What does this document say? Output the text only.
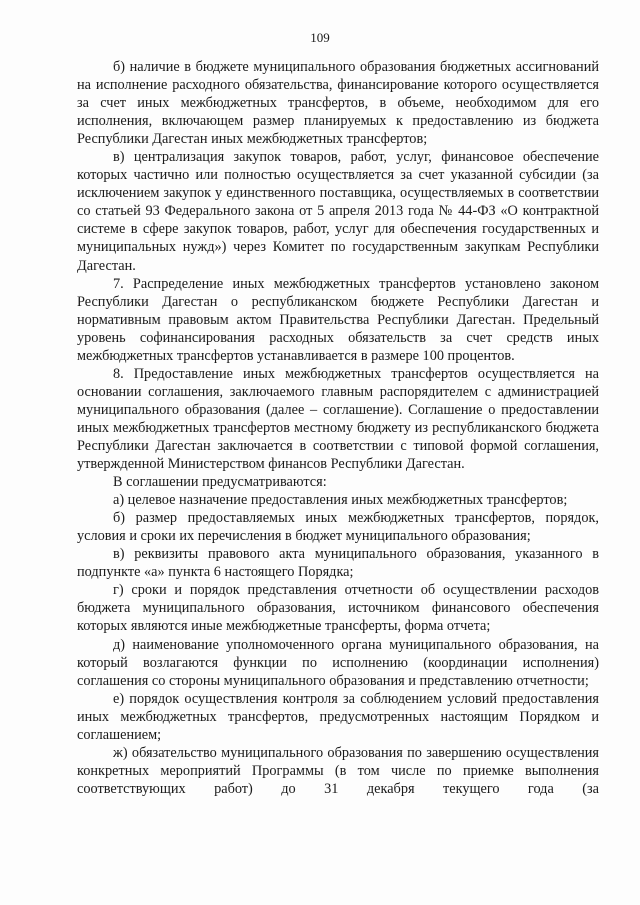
109

б) наличие в бюджете муниципального образования бюджетных ассигнований на исполнение расходного обязательства, финансирование которого осуществляется за счет иных межбюджетных трансфертов, в объеме, необходимом для его исполнения, включающем размер планируемых к предоставлению из бюджета Республики Дагестан иных межбюджетных трансфертов;

в) централизация закупок товаров, работ, услуг, финансовое обеспечение которых частично или полностью осуществляется за счет указанной субсидии (за исключением закупок у единственного поставщика, осуществляемых в соответствии со статьей 93 Федерального закона от 5 апреля 2013 года № 44-ФЗ «О контрактной системе в сфере закупок товаров, работ, услуг для обеспечения государственных и муниципальных нужд») через Комитет по государственным закупкам Республики Дагестан.

7. Распределение иных межбюджетных трансфертов установлено законом Республики Дагестан о республиканском бюджете Республики Дагестан и нормативным правовым актом Правительства Республики Дагестан. Предельный уровень софинансирования расходных обязательств за счет средств иных межбюджетных трансфертов устанавливается в размере 100 процентов.

8. Предоставление иных межбюджетных трансфертов осуществляется на основании соглашения, заключаемого главным распорядителем с администрацией муниципального образования (далее – соглашение). Соглашение о предоставлении иных межбюджетных трансфертов местному бюджету из республиканского бюджета Республики Дагестан заключается в соответствии с типовой формой соглашения, утвержденной Министерством финансов Республики Дагестан.

В соглашении предусматриваются:

а) целевое назначение предоставления иных межбюджетных трансфертов;

б) размер предоставляемых иных межбюджетных трансфертов, порядок, условия и сроки их перечисления в бюджет муниципального образования;

в) реквизиты правового акта муниципального образования, указанного в подпункте «а» пункта 6 настоящего Порядка;

г) сроки и порядок представления отчетности об осуществлении расходов бюджета муниципального образования, источником финансового обеспечения которых являются иные межбюджетные трансферты, форма отчета;

д) наименование уполномоченного органа муниципального образования, на который возлагаются функции по исполнению (координации исполнения) соглашения со стороны муниципального образования и представлению отчетности;

е) порядок осуществления контроля за соблюдением условий предоставления иных межбюджетных трансфертов, предусмотренных настоящим Порядком и соглашением;

ж) обязательство муниципального образования по завершению осуществления конкретных мероприятий Программы (в том числе по приемке выполнения соответствующих работ) до 31 декабря текущего года (за
